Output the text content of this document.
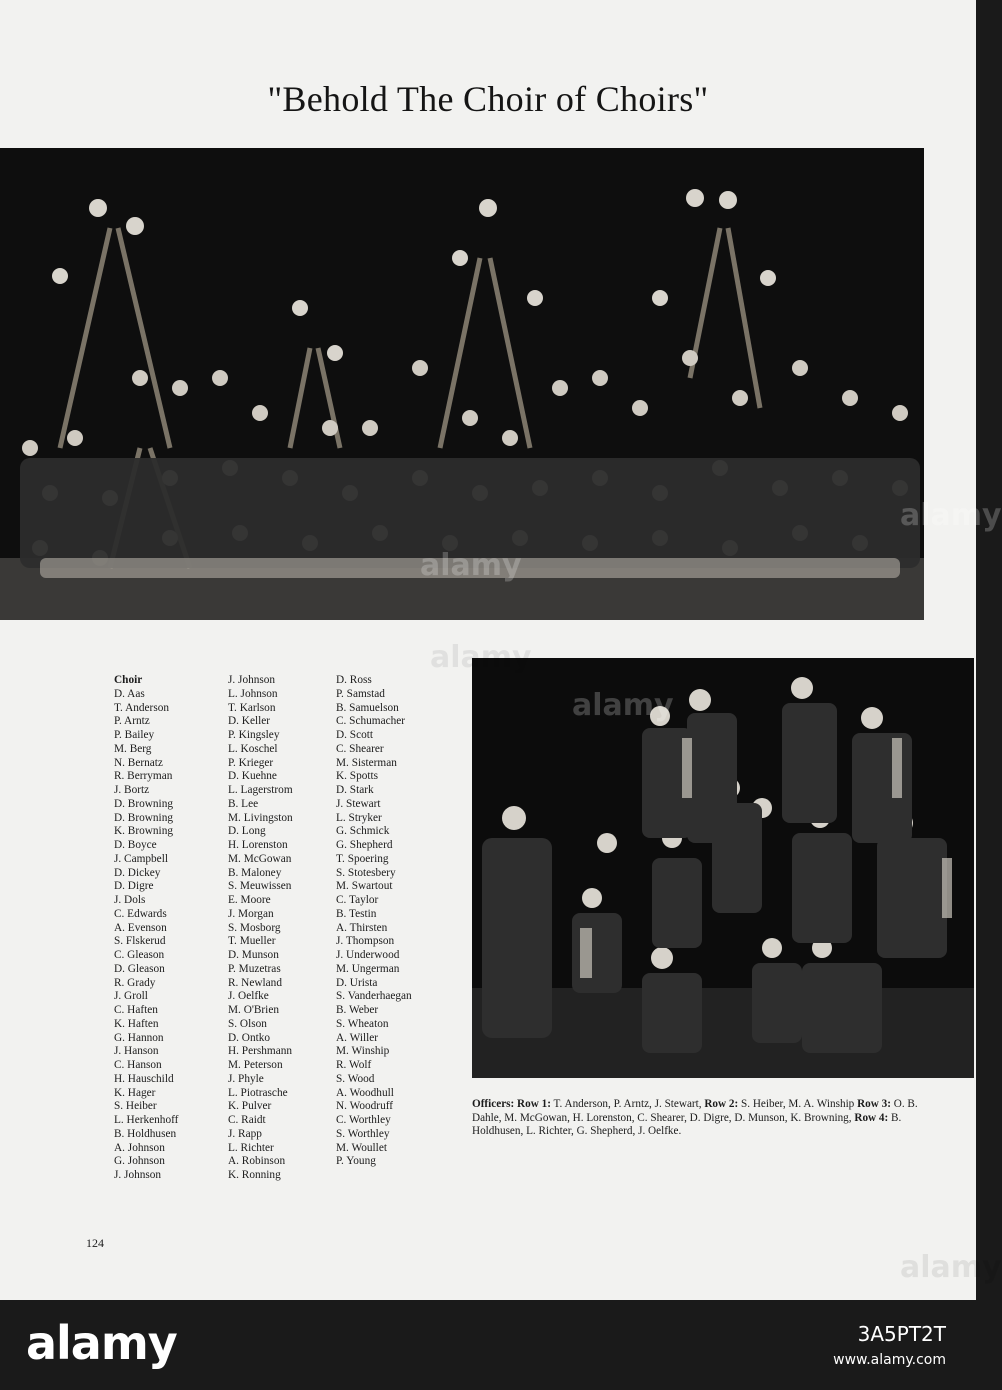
"Behold The Choir of Choirs"
alamy
alamy
Choir
D. Aas
T. Anderson
P. Arntz
P. Bailey
M. Berg
N. Bernatz
R. Berryman
J. Bortz
D. Browning
D. Browning
K. Browning
D. Boyce
J. Campbell
D. Dickey
D. Digre
J. Dols
C. Edwards
A. Evenson
S. Flskerud
C. Gleason
D. Gleason
R. Grady
J. Groll
C. Haften
K. Haften
G. Hannon
J. Hanson
C. Hanson
H. Hauschild
K. Hager
S. Heiber
L. Herkenhoff
B. Holdhusen
A. Johnson
G. Johnson
J. Johnson
J. Johnson
L. Johnson
T. Karlson
D. Keller
P. Kingsley
L. Koschel
P. Krieger
D. Kuehne
L. Lagerstrom
B. Lee
M. Livingston
D. Long
H. Lorenston
M. McGowan
B. Maloney
S. Meuwissen
E. Moore
J. Morgan
S. Mosborg
T. Mueller
D. Munson
P. Muzetras
R. Newland
J. Oelfke
M. O'Brien
S. Olson
D. Ontko
H. Pershmann
M. Peterson
J. Phyle
L. Piotrasche
K. Pulver
C. Raidt
J. Rapp
L. Richter
A. Robinson
K. Ronning
D. Ross
P. Samstad
B. Samuelson
C. Schumacher
D. Scott
C. Shearer
M. Sisterman
K. Spotts
D. Stark
J. Stewart
L. Stryker
G. Schmick
G. Shepherd
T. Spoering
S. Stotesbery
M. Swartout
C. Taylor
B. Testin
A. Thirsten
J. Thompson
J. Underwood
M. Ungerman
D. Urista
S. Vanderhaegan
B. Weber
S. Wheaton
A. Willer
M. Winship
R. Wolf
S. Wood
A. Woodhull
N. Woodruff
C. Worthley
S. Worthley
M. Woullet
P. Young
alamy
Officers: Row 1: T. Anderson, P. Arntz, J. Stewart, Row 2: S. Heiber, M. A. Winship Row 3: O. B. Dahle, M. McGowan, H. Lorenston, C. Shearer, D. Digre, D. Munson, K. Browning, Row 4: B. Holdhusen, L. Richter, G. Shepherd, J. Oelfke.
124
alamy
alamy	3A5PT2T
www.alamy.com
